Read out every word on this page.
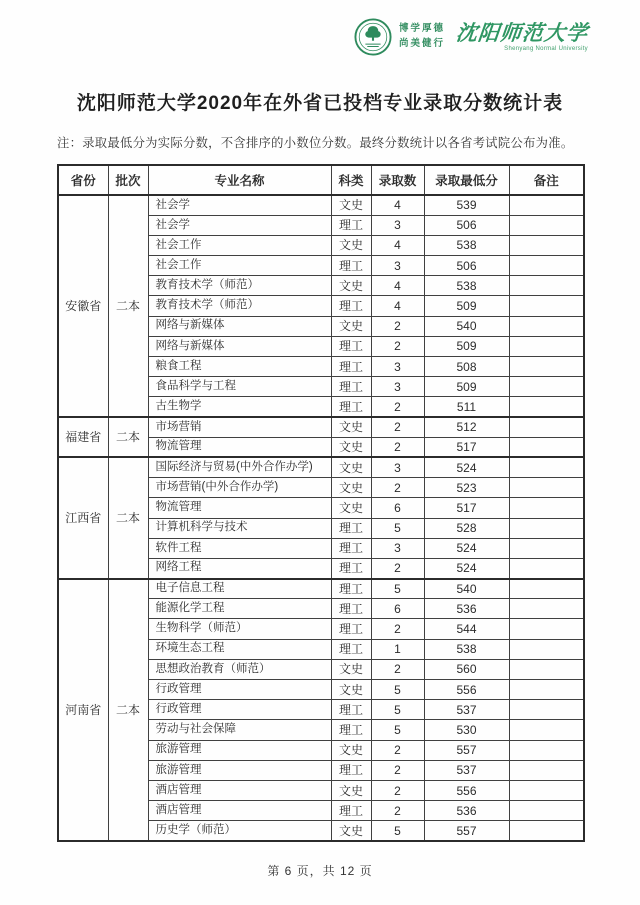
博学厚德
尚美健行 沈阳师范大学
Shenyang Normal University
沈阳师范大学2020年在外省已投档专业录取分数统计表
注：录取最低分为实际分数，不含排序的小数位分数。最终分数统计以各省考试院公布为准。
省份	批次	专业名称	科类	录取数	录取最低分	备注
安徽省	二本	社会学	文史	4	539	
		社会学	理工	3	506	
		社会工作	文史	4	538	
		社会工作	理工	3	506	
		教育技术学（师范）	文史	4	538	
		教育技术学（师范）	理工	4	509	
		网络与新媒体	文史	2	540	
		网络与新媒体	理工	2	509	
		粮食工程	理工	3	508	
		食品科学与工程	理工	3	509	
		古生物学	理工	2	511	
福建省	二本	市场营销	文史	2	512	
		物流管理	文史	2	517	
江西省	二本	国际经济与贸易(中外合作办学)	文史	3	524	
		市场营销(中外合作办学)	文史	2	523	
		物流管理	文史	6	517	
		计算机科学与技术	理工	5	528	
		软件工程	理工	3	524	
		网络工程	理工	2	524	
河南省	二本	电子信息工程	理工	5	540	
		能源化学工程	理工	6	536	
		生物科学（师范）	理工	2	544	
		环境生态工程	理工	1	538	
		思想政治教育（师范）	文史	2	560	
		行政管理	文史	5	556	
		行政管理	理工	5	537	
		劳动与社会保障	理工	5	530	
		旅游管理	文史	2	557	
		旅游管理	理工	2	537	
		酒店管理	文史	2	556	
		酒店管理	理工	2	536	
		历史学（师范）	文史	5	557	
第 6 页，共 12 页
